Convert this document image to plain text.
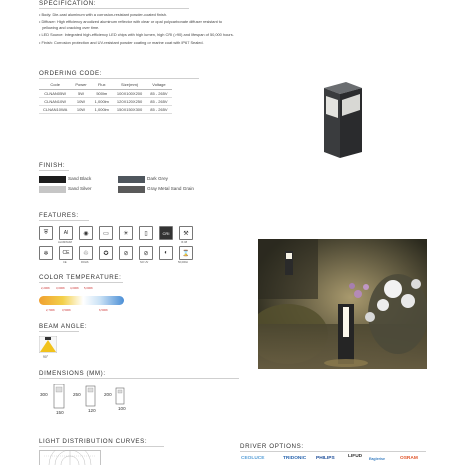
SPECIFICATION:
• Body: Die-cast aluminum with a corrosion-resistant powder-coated finish.
• Diffuser: High efficiency anodized aluminum reflector with clear or opal polycarbonate diffuser resistant to
yellowing and cracking over time.
• LED Source: Integrated high-efficiency LED chips with high lumen, high CRI (>90) and lifespan of 50,000 hours.
• Finish: Corrosion protection and UV-resistant powder coating or marine coat with IP67 Sealed.
ORDERING CODE:
Code	Power	Flux	Size(mm)	Voltage
CLNAN05W	5W	500lm	100X100X200	85 - 265V
CLNAN10W	10W	1,000lm	120X120X250	85 - 265V
CLNAN10WA	10W	1,000lm	150X150X300	85 - 265V
FINISH:
Sand Black	Dark Grey
Sand Silver	Gray Metal Sand Grain
FEATURES:
⛨	Al
ALUMINUM
◉	▭	☀	▯	CRI	⚒
IK 08
❄	CE
CE
♲
ROHS
✪	⊘	⊘
NO UV
◐	⌛
50,000H
COLOR TEMPERATURE:
2,200K 3,000K 4,000K 5,000K
2,700K	3,500K	6,500K
BEAM ANGLE:
90°
DIMENSIONS (MM):
300
150
250
120
200
100
LIGHT DISTRIBUTION CURVES:
DRIVER OPTIONS:
CEOLUCE	TRIDONIC PHILIPS	LIFUD Eaglerise	OSRAM
